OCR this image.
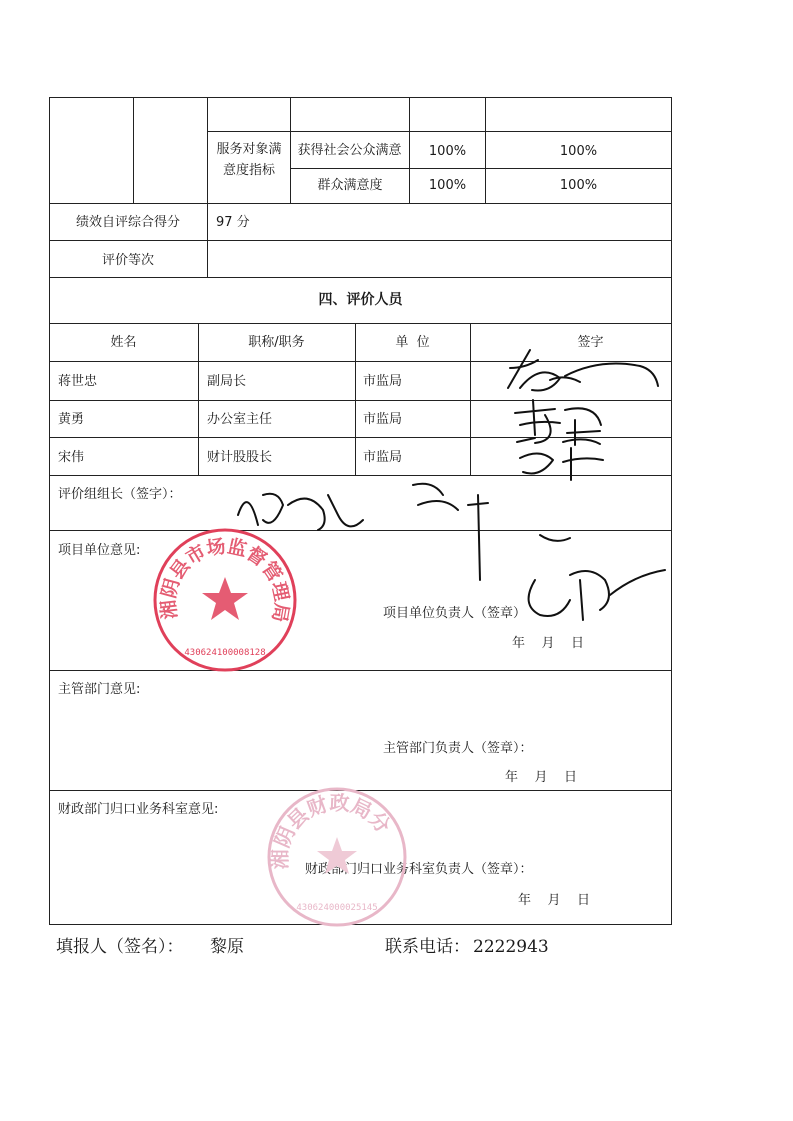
服务对象满意度指标
获得社会公众满意	100%	100%
群众满意度	100%	100%
绩效自评综合得分	97 分
评价等次
四、评价人员
姓名	职称/职务	单  位	签字
蒋世忠	副局长	市监局
黄勇	办公室主任	市监局
宋伟	财计股股长	市监局
评价组组长（签字）：
项目单位意见:
项目单位负责人（签章）
年    月    日
主管部门意见:
主管部门负责人（签章）：
年    月    日
财政部门归口业务科室意见:
财政部门归口业务科室负责人（签章）：
年    月    日
填报人（签名）： 黎原	联系电话： 2222943
湘阴县市场监督管理局
430624100008128
湘阴县财政局分
430624000025145
